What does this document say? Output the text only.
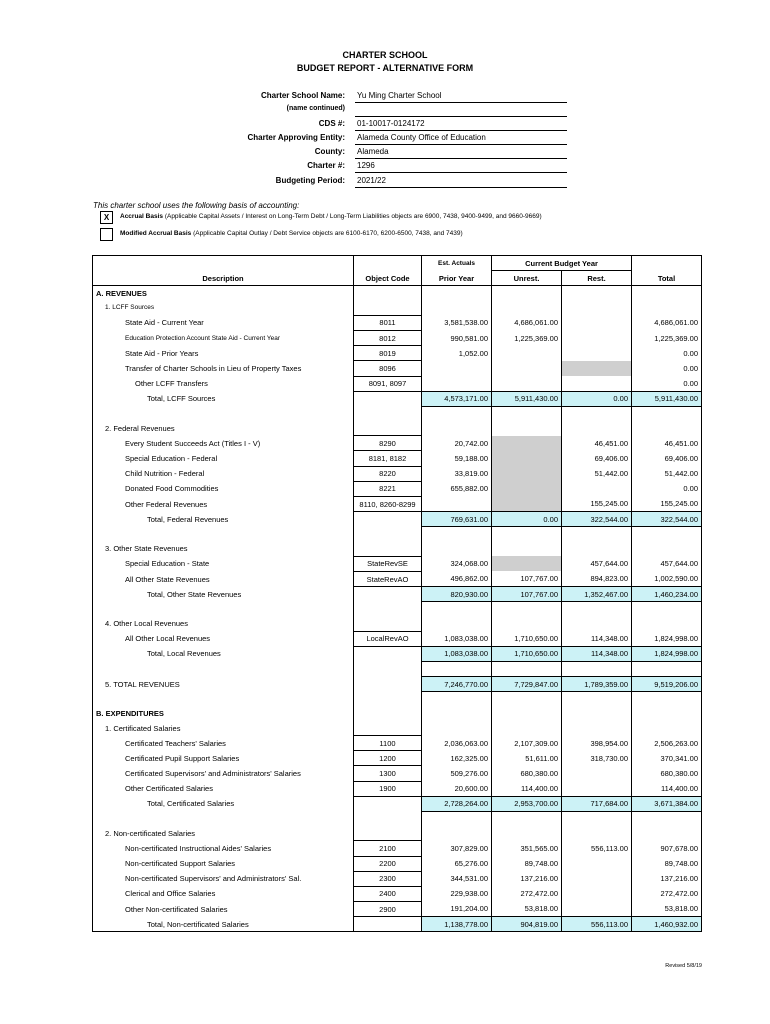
CHARTER SCHOOL
BUDGET REPORT - ALTERNATIVE FORM
Charter School Name: Yu Ming Charter School
(name continued)
CDS #: 01-10017-0124172
Charter Approving Entity: Alameda County Office of Education
County: Alameda
Charter #: 1296
Budgeting Period: 2021/22
This charter school uses the following basis of accounting:
X	Accrual Basis (Applicable Capital Assets / Interest on Long-Term Debt / Long-Term Liabilities objects are 6900, 7438, 9400-9499, and 9660-9669)
Modified Accrual Basis (Applicable Capital Outlay / Debt Service objects are 6100-6170, 6200-6500, 7438, and 7439)
		Est. Actuals	Current Budget Year		
Description	Object Code	Prior Year	Unrest.	Rest.	Total
A. REVENUES					
1. LCFF Sources					
State Aid - Current Year	8011	3,581,538.00	4,686,061.00		4,686,061.00
Education Protection Account State Aid - Current Year	8012	990,581.00	1,225,369.00		1,225,369.00
State Aid - Prior Years	8019	1,052.00			0.00
Transfer of Charter Schools in Lieu of Property Taxes	8096				0.00
Other LCFF Transfers	8091, 8097				0.00
Total, LCFF Sources		4,573,171.00	5,911,430.00	0.00	5,911,430.00

2. Federal Revenues					
Every Student Succeeds Act (Titles I - V)	8290	20,742.00		46,451.00	46,451.00
Special Education - Federal	8181, 8182	59,188.00		69,406.00	69,406.00
Child Nutrition - Federal	8220	33,819.00		51,442.00	51,442.00
Donated Food Commodities	8221	655,882.00			0.00
Other Federal Revenues	8110, 8260-8299			155,245.00	155,245.00
Total, Federal Revenues		769,631.00	0.00	322,544.00	322,544.00

3. Other State Revenues					
Special Education - State	StateRevSE	324,068.00		457,644.00	457,644.00
All Other State Revenues	StateRevAO	496,862.00	107,767.00	894,823.00	1,002,590.00
Total, Other State Revenues		820,930.00	107,767.00	1,352,467.00	1,460,234.00

4. Other Local Revenues					
All Other Local Revenues	LocalRevAO	1,083,038.00	1,710,650.00	114,348.00	1,824,998.00
Total, Local Revenues		1,083,038.00	1,710,650.00	114,348.00	1,824,998.00

5. TOTAL REVENUES		7,246,770.00	7,729,847.00	1,789,359.00	9,519,206.00

B. EXPENDITURES					
1. Certificated Salaries					
Certificated Teachers' Salaries	1100	2,036,063.00	2,107,309.00	398,954.00	2,506,263.00
Certificated Pupil Support Salaries	1200	162,325.00	51,611.00	318,730.00	370,341.00
Certificated Supervisors' and Administrators' Salaries	1300	509,276.00	680,380.00		680,380.00
Other Certificated Salaries	1900	20,600.00	114,400.00		114,400.00
Total, Certificated Salaries		2,728,264.00	2,953,700.00	717,684.00	3,671,384.00

2. Non-certificated Salaries					
Non-certificated Instructional Aides' Salaries	2100	307,829.00	351,565.00	556,113.00	907,678.00
Non-certificated Support Salaries	2200	65,276.00	89,748.00		89,748.00
Non-certificated Supervisors' and Administrators' Sal.	2300	344,531.00	137,216.00		137,216.00
Clerical and Office Salaries	2400	229,938.00	272,472.00		272,472.00
Other Non-certificated Salaries	2900	191,204.00	53,818.00		53,818.00
Total, Non-certificated Salaries		1,138,778.00	904,819.00	556,113.00	1,460,932.00
Revised 5/8/19
